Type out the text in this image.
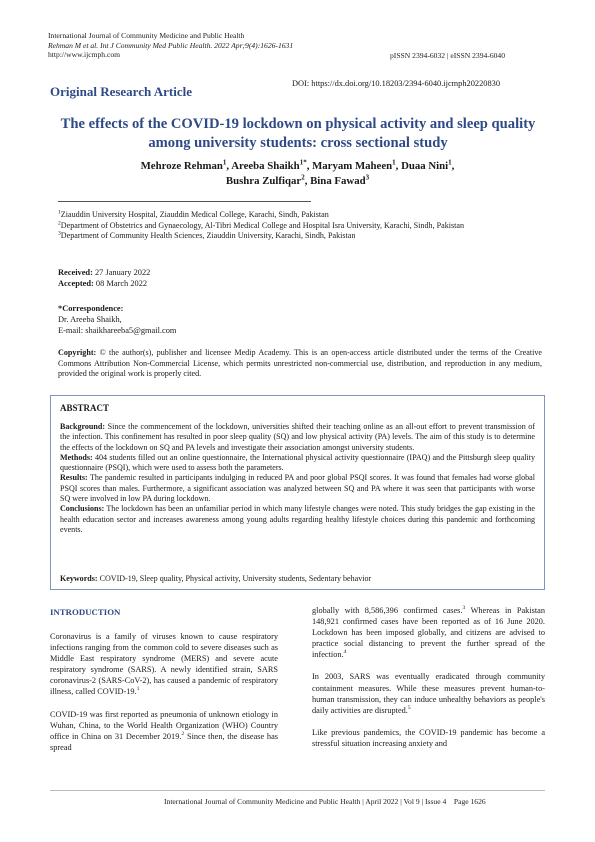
International Journal of Community Medicine and Public Health
Rehman M et al. Int J Community Med Public Health. 2022 Apr;9(4):1626-1631
http://www.ijcmph.com	pISSN 2394-6032 | eISSN 2394-6040
DOI: https://dx.doi.org/10.18203/2394-6040.ijcmph20220830
Original Research Article
The effects of the COVID-19 lockdown on physical activity and sleep quality among university students: cross sectional study
Mehroze Rehman$^1$, Areeba Shaikh$^{1*}$, Maryam Maheen$^1$, Duaa Nini$^1$,
Bushra Zulfiqar$^2$, Bina Fawad$^3$

$^1$Ziauddin University Hospital, Ziauddin Medical College, Karachi, Sindh, Pakistan

$^2$Department of Obstetrics and Gynaecology, Al-Tibri Medical College and Hospital Isra University, Karachi, Sindh, Pakistan

$^3$Department of Community Health Sciences, Ziauddin University, Karachi, Sindh, Pakistan

Received: 27 January 2022

Accepted: 08 March 2022

*Correspondence:

Dr. Areeba Shaikh,

E-mail: shaikhareeba5@gmail.com

Copyright: © the author(s), publisher and licensee Medip Academy. This is an open-access article distributed under the terms of the Creative Commons Attribution Non-Commercial License, which permits unrestricted non-commercial use, distribution, and reproduction in any medium, provided the original work is properly cited.
ABSTRACT

Background: Since the commencement of the lockdown, universities shifted their teaching online as an all-out effort to prevent transmission of the infection. This confinement has resulted in poor sleep quality (SQ) and low physical activity (PA) levels. The aim of this study is to determine the effects of the lockdown on SQ and PA levels and investigate their association amongst university students.

Methods: 404 students filled out an online questionnaire, the International physical activity questionnaire (IPAQ) and the Pittsburgh sleep quality questionnaire (PSQI), which were used to assess both the parameters.

Results: The pandemic resulted in participants indulging in reduced PA and poor global PSQI scores. It was found that females had worse global PSQI scores than males. Furthermore, a significant association was analyzed between SQ and PA where it was seen that participants with worse SQ were involved in low PA during lockdown.

Conclusions: The lockdown has been an unfamiliar period in which many lifestyle changes were noted. This study bridges the gap existing in the health education sector and increases awareness among young adults regarding healthy lifestyle choices during this pandemic and forthcoming events.

Keywords: COVID-19, Sleep quality, Physical activity, University students, Sedentary behavior
INTRODUCTION

Coronavirus is a family of viruses known to cause respiratory infections ranging from the common cold to severe diseases such as Middle East respiratory syndrome (MERS) and severe acute respiratory syndrome (SARS). A newly identified strain, SARS coronavirus-2 (SARS-CoV-2), has caused a pandemic of respiratory illness, called COVID-19.$^1$

COVID-19 was first reported as pneumonia of unknown etiology in Wuhan, China, to the World Health Organization (WHO) Country office in China on 31 December 2019.$^2$ Since then, the disease has spread

globally with 8,586,396 confirmed cases.$^3$ Whereas in Pakistan 148,921 confirmed cases have been reported as of 16 June 2020. Lockdown has been imposed globally, and citizens are advised to practice social distancing to prevent the further spread of the infection.$^4$

In 2003, SARS was eventually eradicated through community containment measures. While these measures prevent human-to-human transmission, they can induce unhealthy behaviors as people's daily activities are disrupted.$^5$

Like previous pandemics, the COVID-19 pandemic has become a stressful situation increasing anxiety and

International Journal of Community Medicine and Public Health | April 2022 | Vol 9 | Issue 4    Page 1626
